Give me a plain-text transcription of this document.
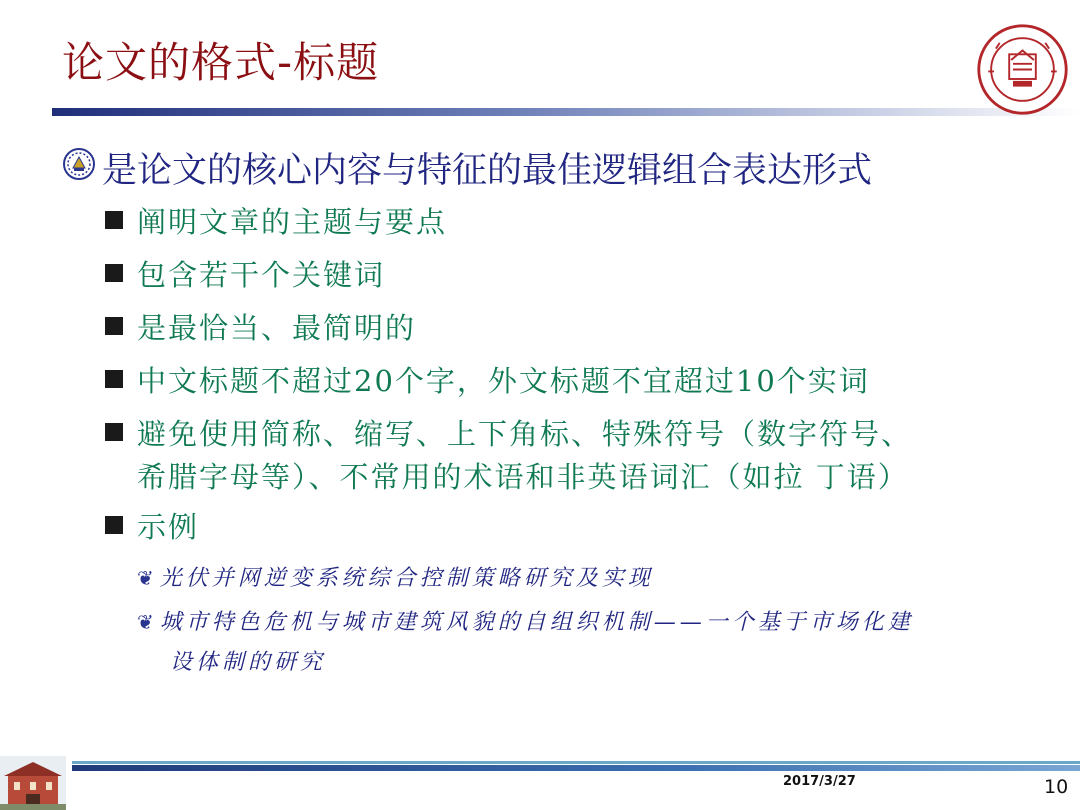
论文的格式-标题
是论文的核心内容与特征的最佳逻辑组合表达形式
阐明文章的主题与要点
包含若干个关键词
是最恰当、最简明的
中文标题不超过20个字，外文标题不宜超过10个实词
避免使用简称、缩写、上下角标、特殊符号（数字符号、
希腊字母等）、不常用的术语和非英语词汇（如拉 丁语）
示例
❦ 光伏并网逆变系统综合控制策略研究及实现
❦ 城市特色危机与城市建筑风貌的自组织机制——一个基于市场化建
设体制的研究
2017/3/27	10
